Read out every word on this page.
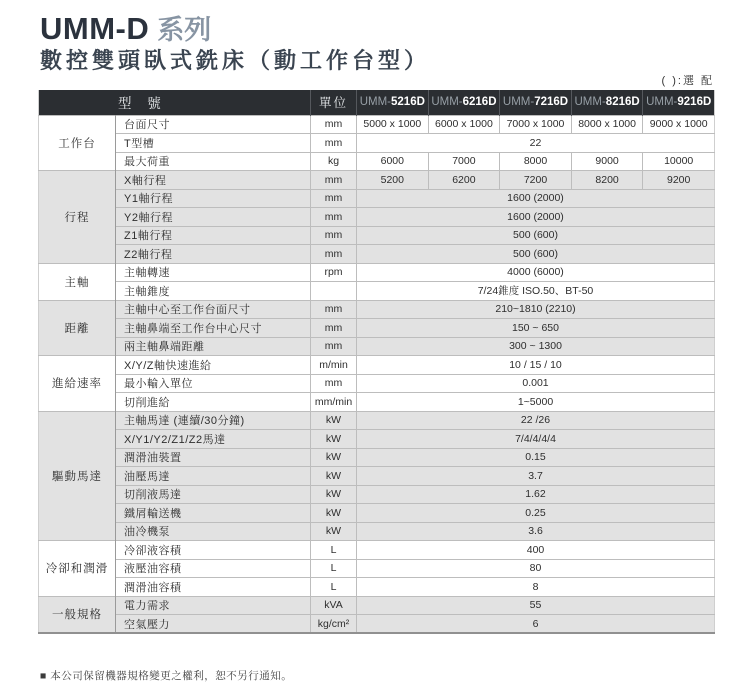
UMM-D 系列
數控雙頭臥式銑床（動工作台型）
( ):選 配
型 號		單位	UMM-5216D	UMM-6216D	UMM-7216D	UMM-8216D	UMM-9216D
工作台	台面尺寸	mm	5000 x 1000	6000 x 1000	7000 x 1000	8000 x 1000	9000 x 1000
	T型槽	mm	22				
	最大荷重	kg	6000	7000	8000	9000	10000
行程	X軸行程	mm	5200	6200	7200	8200	9200
	Y1軸行程	mm	1600 (2000)				
	Y2軸行程	mm	1600 (2000)				
	Z1軸行程	mm	500 (600)				
	Z2軸行程	mm	500 (600)				
主軸	主軸轉速	rpm	4000 (6000)				
	主軸錐度		7/24錐度 ISO.50、BT-50				
距離	主軸中心至工作台面尺寸	mm	210~1810 (2210)				
	主軸鼻端至工作台中心尺寸	mm	150 ~ 650				
	兩主軸鼻端距離	mm	300 ~ 1300				
進給速率	X/Y/Z軸快速進給	m/min	10 / 15 / 10				
	最小輸入單位	mm	0.001				
	切削進給	mm/min	1~5000				
驅動馬達	主軸馬達 (連續/30分鐘)	kW	22 /26				
	X/Y1/Y2/Z1/Z2馬達	kW	7/4/4/4/4				
	潤滑油裝置	kW	0.15				
	油壓馬達	kW	3.7				
	切削液馬達	kW	1.62				
	鐵屑輸送機	kW	0.25				
	油冷機泵	kW	3.6				
冷卻和潤滑	冷卻液容積	L	400				
	液壓油容積	L	80				
	潤滑油容積	L	8				
一般規格	電力需求	kVA	55				
	空氣壓力	kg/cm²	6				
■ 本公司保留機器規格變更之權利，恕不另行通知。
